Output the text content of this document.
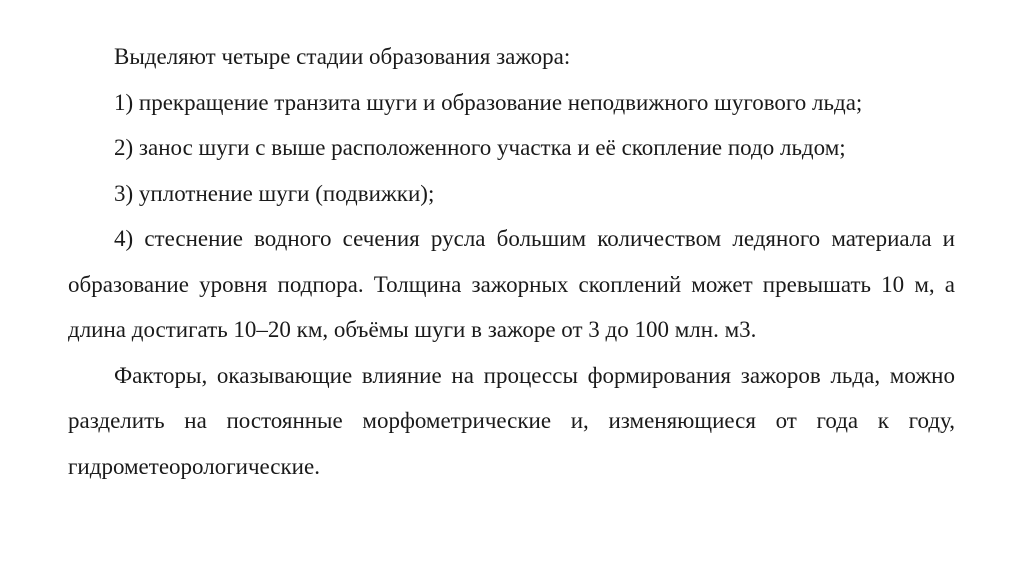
Выделяют четыре стадии образования зажора:

1) прекращение транзита шуги и образование неподвижного шугового льда;

2) занос шуги с выше расположенного участка и её скопление подо льдом;

3) уплотнение шуги (подвижки);

4) стеснение водного сечения русла большим количеством ледяного материала и образование уровня подпора. Толщина зажорных скоплений может превышать 10 м, а длина достигать 10–20 км, объёмы шуги в зажоре от 3 до 100 млн. м3.

Факторы, оказывающие влияние на процессы формирования зажоров льда, можно разделить на постоянные морфометрические и, изменяющиеся от года к году, гидрометеорологические.
